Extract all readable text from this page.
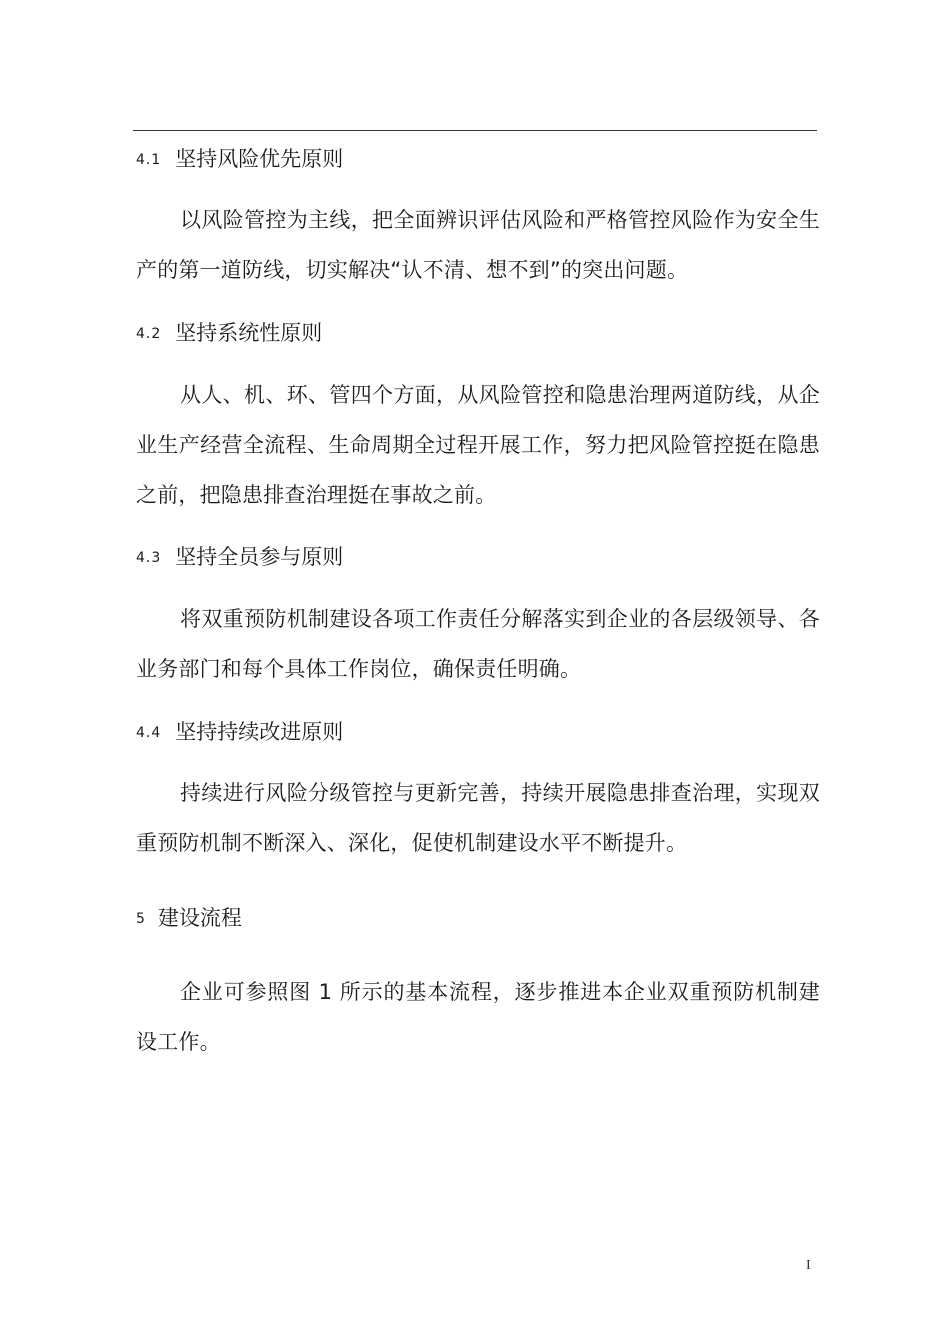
4.1 坚持风险优先原则
以风险管控为主线，把全面辨识评估风险和严格管控风险作为安全生产的第一道防线，切实解决“认不清、想不到”的突出问题。
4.2 坚持系统性原则
从人、机、环、管四个方面，从风险管控和隐患治理两道防线，从企业生产经营全流程、生命周期全过程开展工作，努力把风险管控挺在隐患之前，把隐患排查治理挺在事故之前。
4.3 坚持全员参与原则
将双重预防机制建设各项工作责任分解落实到企业的各层级领导、各业务部门和每个具体工作岗位，确保责任明确。
4.4 坚持持续改进原则
持续进行风险分级管控与更新完善，持续开展隐患排查治理，实现双重预防机制不断深入、深化，促使机制建设水平不断提升。
5 建设流程
企业可参照图 1 所示的基本流程，逐步推进本企业双重预防机制建设工作。
I
